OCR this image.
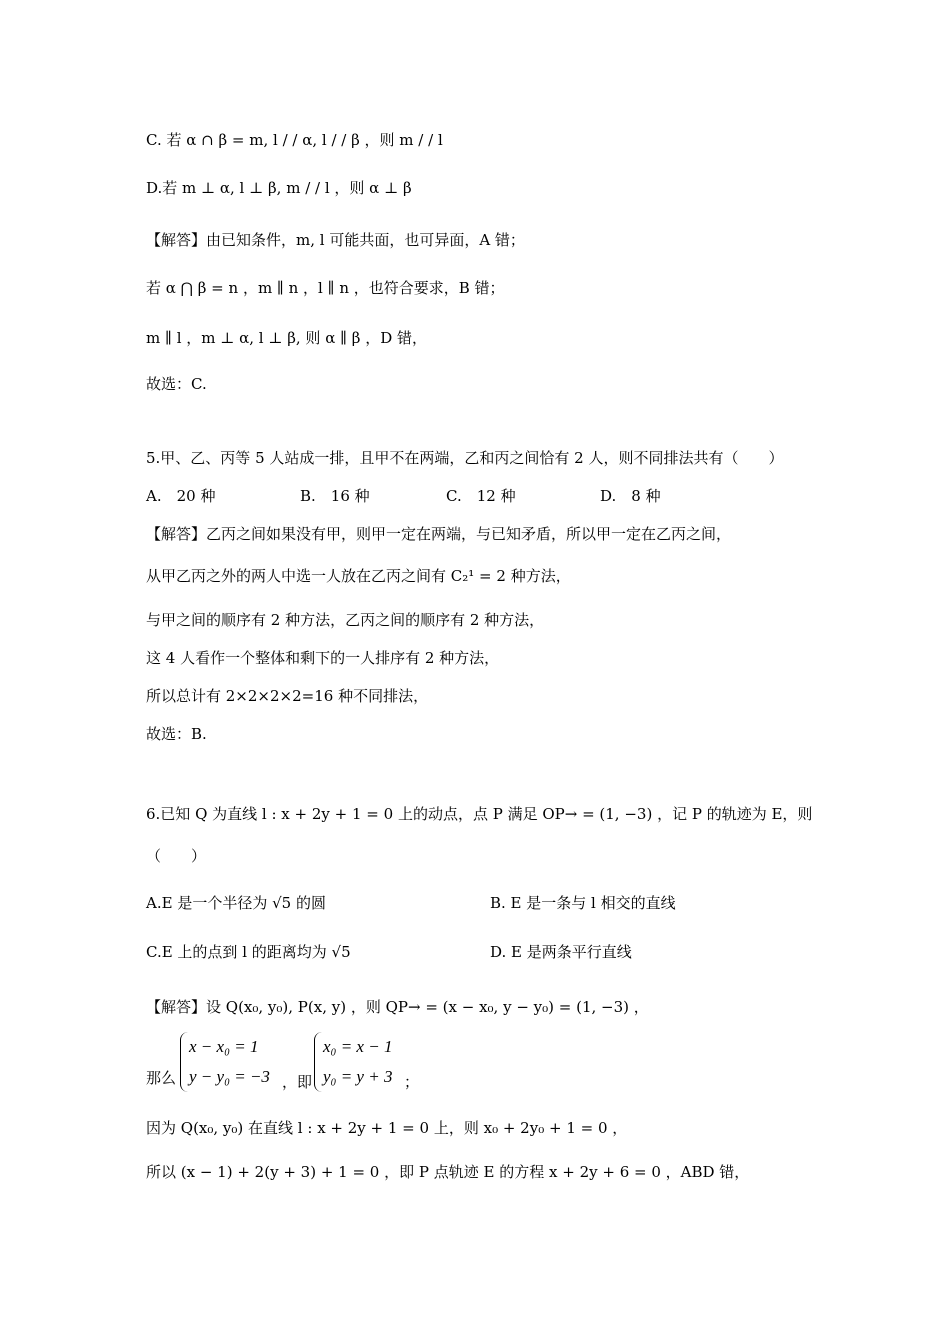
C. 若 α ∩ β = m, l / / α, l / / β ，则 m / / l
D.若 m ⊥ α, l ⊥ β, m / / l ，则 α ⊥ β
【解答】由已知条件，m, l 可能共面，也可异面，A 错；
若 α ⋂ β = n ，m ∥ n ，l ∥ n ，也符合要求，B 错；
m ∥ l ，m ⊥ α, l ⊥ β, 则 α ∥ β ，D 错，
故选：C.
5.甲、乙、丙等 5 人站成一排，且甲不在两端，乙和丙之间恰有 2 人，则不同排法共有（　　）
A.　20 种	B.　16 种	C.　12 种	D.　8 种
【解答】乙丙之间如果没有甲，则甲一定在两端，与已知矛盾，所以甲一定在乙丙之间，
从甲乙丙之外的两人中选一人放在乙丙之间有 C₂¹ = 2 种方法，
与甲之间的顺序有 2 种方法，乙丙之间的顺序有 2 种方法，
这 4 人看作一个整体和剩下的一人排序有 2 种方法，
所以总计有 2×2×2×2=16 种不同排法，
故选：B.
6.已知 Q 为直线 l : x + 2y + 1 = 0 上的动点，点 P 满足 OP→ = (1, −3) ，记 P 的轨迹为 E，则
（　　）
A.E 是一个半径为 √5 的圆	B. E 是一条与 l 相交的直线
C.E 上的点到 l 的距离均为 √5	D. E 是两条平行直线
【解答】设 Q(x₀, y₀), P(x, y) ，则 QP→ = (x − x₀, y − y₀) = (1, −3) ，
那么
x − x₀ = 1
y − y₀ = −3 ，即
x₀ = x − 1
y₀ = y + 3 ；
因为 Q(x₀, y₀) 在直线 l : x + 2y + 1 = 0 上，则 x₀ + 2y₀ + 1 = 0 ，
所以 (x − 1) + 2(y + 3) + 1 = 0 ，即 P 点轨迹 E 的方程 x + 2y + 6 = 0 ，ABD 错，
